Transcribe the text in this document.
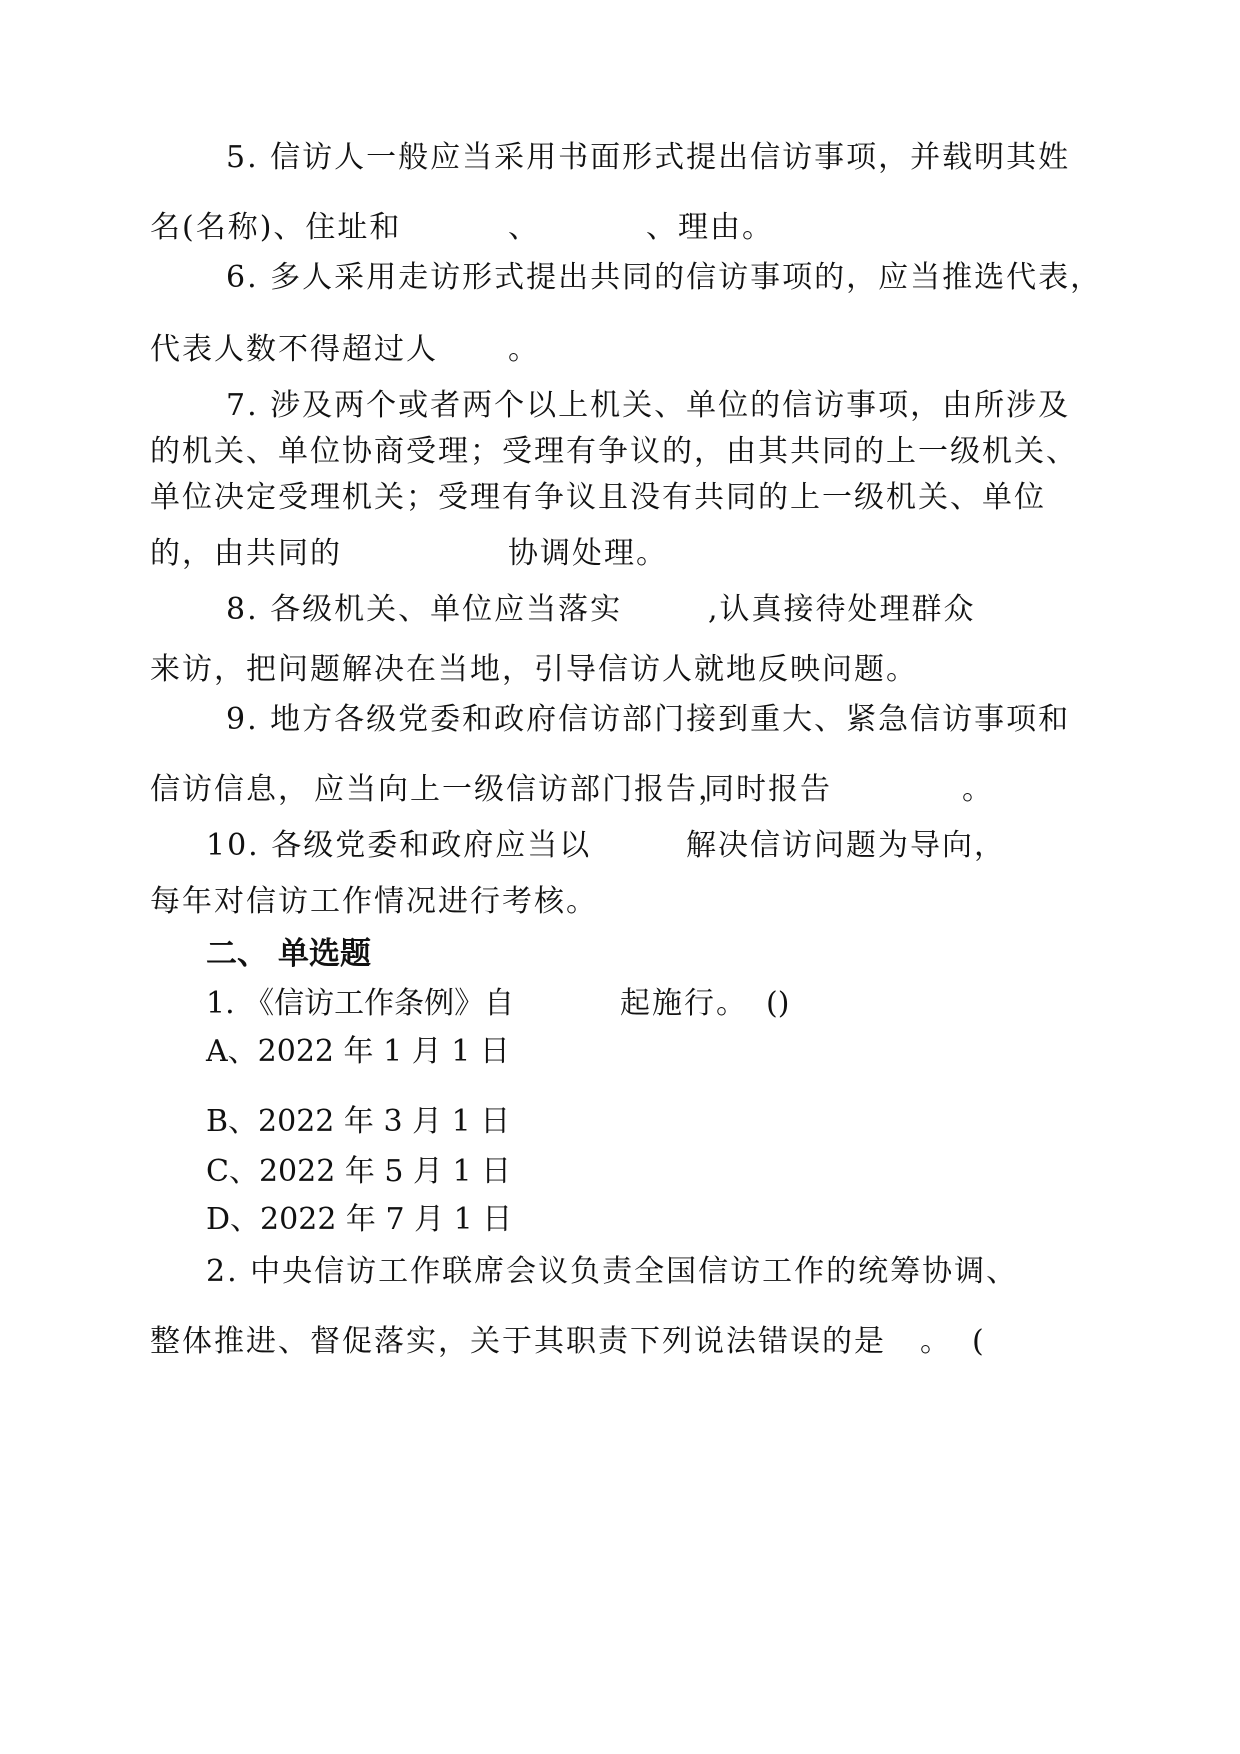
5. 信访人一般应当采用书面形式提出信访事项，并载明其姓
名(名称)、住址和	、	、理由。
6. 多人采用走访形式提出共同的信访事项的，应当推选代表，
代表人数不得超过人 。
7. 涉及两个或者两个以上机关、单位的信访事项，由所涉及
的机关、单位协商受理；受理有争议的，由其共同的上一级机关、
单位决定受理机关；受理有争议且没有共同的上一级机关、单位
的，由共同的	协调处理。
8. 各级机关、单位应当落实	,认真接待处理群众
来访，把问题解决在当地，引导信访人就地反映问题。
9. 地方各级党委和政府信访部门接到重大、紧急信访事项和
信访信息， 应当向上一级信访部门报告，
同时报告	。
10. 各级党委和政府应当以	解决信访问题为导向，
每年对信访工作情况进行考核。
二、 单选题
1. 《信访工作条例》自	起施行。 ()
A、2022 年 1 月 1 日
B、2022 年 3 月 1 日
C、2022 年 5 月 1 日
D、2022 年 7 月 1 日
2. 中央信访工作联席会议负责全国信访工作的统筹协调、
整体推进、督促落实，关于其职责下列说法错误的是 。 (
